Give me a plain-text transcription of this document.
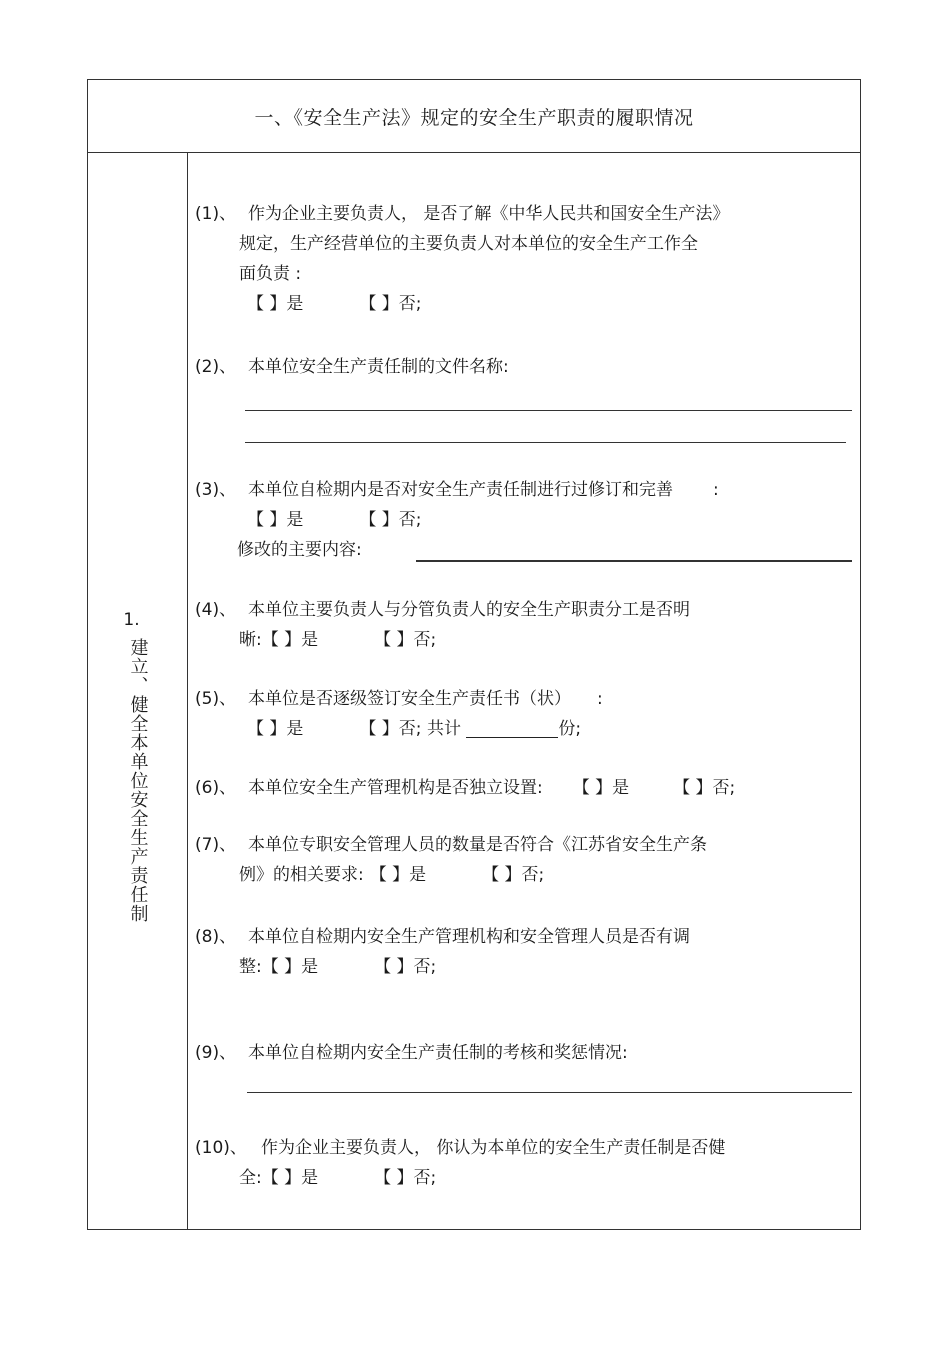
一、《安全生产法》规定的安全生产职责的履职情况
1.
建立、健全本单位安全生产责任制
(1)、 作为企业主要负责人， 是否了解《中华人民共和国安全生产法》
规定，生产经营单位的主要负责人对本单位的安全生产工作全
面负责 :
【 】是	【 】否;
(2)、 本单位安全生产责任制的文件名称:
(3)、 本单位自检期内是否对安全生产责任制进行过修订和完善 :
【 】是	【 】否;
修改的主要内容:
(4)、 本单位主要负责人与分管负责人的安全生产职责分工是否明
晰:【 】是	【 】否;
(5)、 本单位是否逐级签订安全生产责任书（状） :
【 】是	【 】否; 共计	份;
(6)、 本单位安全生产管理机构是否独立设置: 【 】是	【 】否;
(7)、 本单位专职安全管理人员的数量是否符合《江苏省安全生产条
例》的相关要求: 【 】是	【 】否;
(8)、 本单位自检期内安全生产管理机构和安全管理人员是否有调
整:【 】是	【 】否;
(9)、 本单位自检期内安全生产责任制的考核和奖惩情况:
(10)、 作为企业主要负责人， 你认为本单位的安全生产责任制是否健
全:【 】是	【 】否;
